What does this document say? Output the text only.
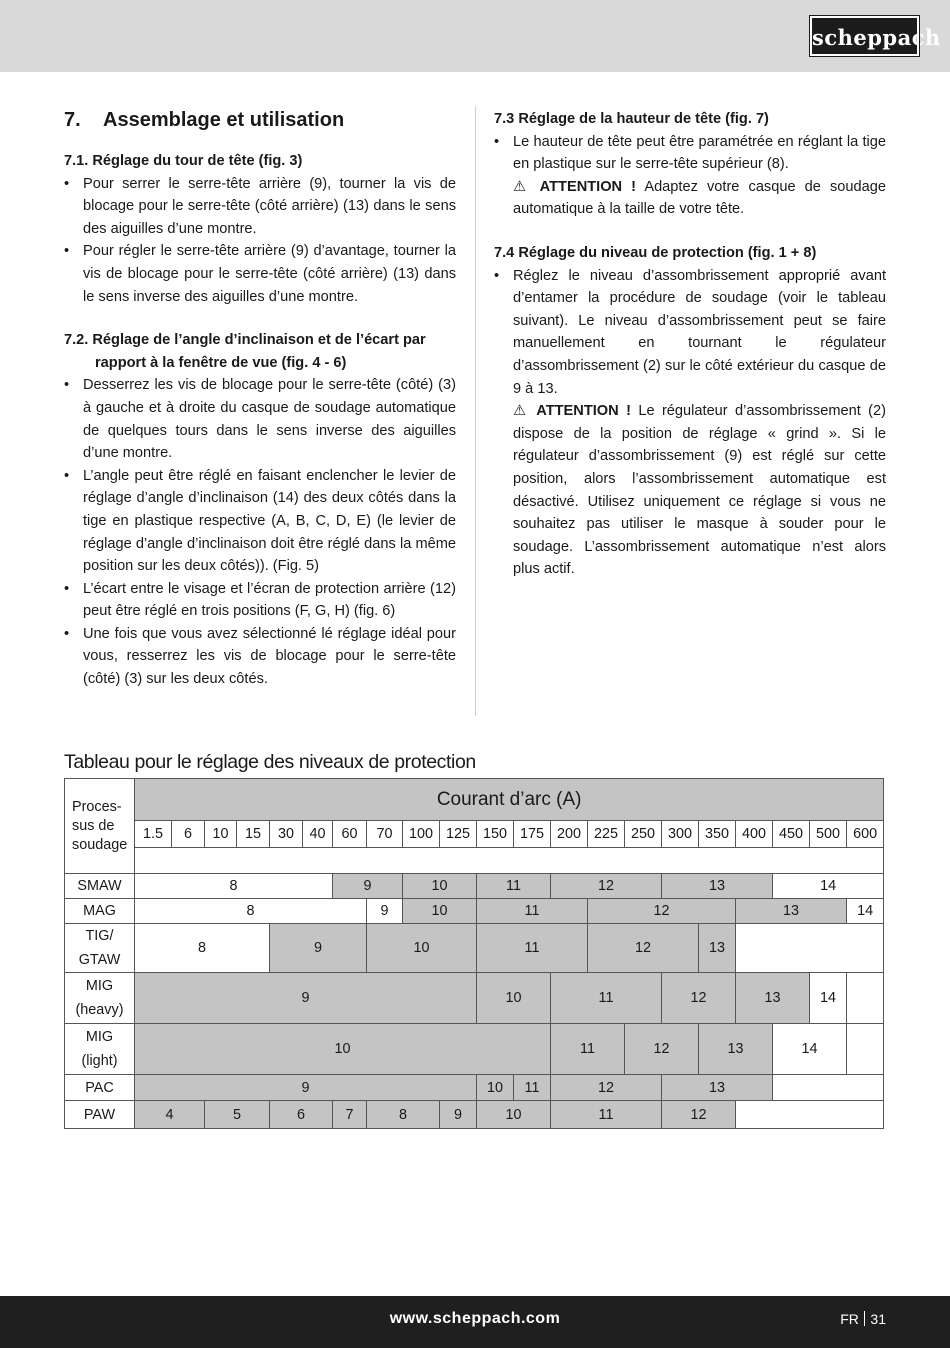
scheppach
7.	Assemblage et utilisation
7.1. Réglage du tour de tête (fig. 3)
• Pour serrer le serre-tête arrière (9), tourner la vis de blocage pour le serre-tête (côté arrière) (13) dans le sens des aiguilles d’une montre.
• Pour régler le serre-tête arrière (9) d’avantage, tourner la vis de blocage pour le serre-tête (côté arrière) (13) dans le sens inverse des aiguilles d’une montre.
7.2. Réglage de l’angle d’inclinaison et de l’écart par rapport à la fenêtre de vue (fig. 4 - 6)
• Desserrez les vis de blocage pour le serre-tête (côté) (3) à gauche et à droite du casque de soudage automatique de quelques tours dans le sens inverse des aiguilles d’une montre.
• L’angle peut être réglé en faisant enclencher le levier de réglage d’angle d’inclinaison (14) des deux côtés dans la tige en plastique respective (A, B, C, D, E) (le levier de réglage d’angle d’inclinaison doit être réglé dans la même position sur les deux côtés)). (Fig. 5)
• L’écart entre le visage et l’écran de protection arrière (12) peut être réglé en trois positions (F, G, H) (fig. 6)
• Une fois que vous avez sélectionné lé réglage idéal pour vous, resserrez les vis de blocage pour le serre-tête (côté) (3) sur les deux côtés.
7.3 Réglage de la hauteur de tête (fig. 7)
• Le hauteur de tête peut être paramétrée en réglant la tige en plastique sur le serre-tête supérieur (8).
⚠ ATTENTION ! Adaptez votre casque de soudage automatique à la taille de votre tête.
7.4 Réglage du niveau de protection (fig. 1 + 8)
• Réglez le niveau d’assombrissement approprié avant d’entamer la procédure de soudage (voir le tableau suivant). Le niveau d’assombrissement peut se faire manuellement en tournant le régulateur d’assombrissement (2) sur le côté extérieur du casque de 9 à 13.
⚠ ATTENTION ! Le régulateur d’assombrissement (2) dispose de la position de réglage « grind ». Si le régulateur d’assombrissement (9) est réglé sur cette position, alors l’assombrissement automatique est désactivé. Utilisez uniquement ce réglage si vous ne souhaitez pas utiliser le masque à souder pour le soudage. L’assombrissement automatique n’est alors plus actif.
Tableau pour le réglage des niveaux de protection
Proces-
sus de
soudage	Courant d’arc (A)																				
	1.5	6	10	15	30	40	60	70	100	125	150	175	200	225	250	300	350	400	450	500	600

SMAW	8						9		10		11		12			13			14		
MAG	8							9	10		11			12				13			14
TIG/
GTAW	8				9			10			11			12			13				
MIG
(heavy)	9										10		11			12		13		14	
MIG
(light)	10												11		12		13		14		
PAC	9										10	11	12			13					
PAW	4		5		6		7	8		9	10		11			12					
www.scheppach.com	FR 31
